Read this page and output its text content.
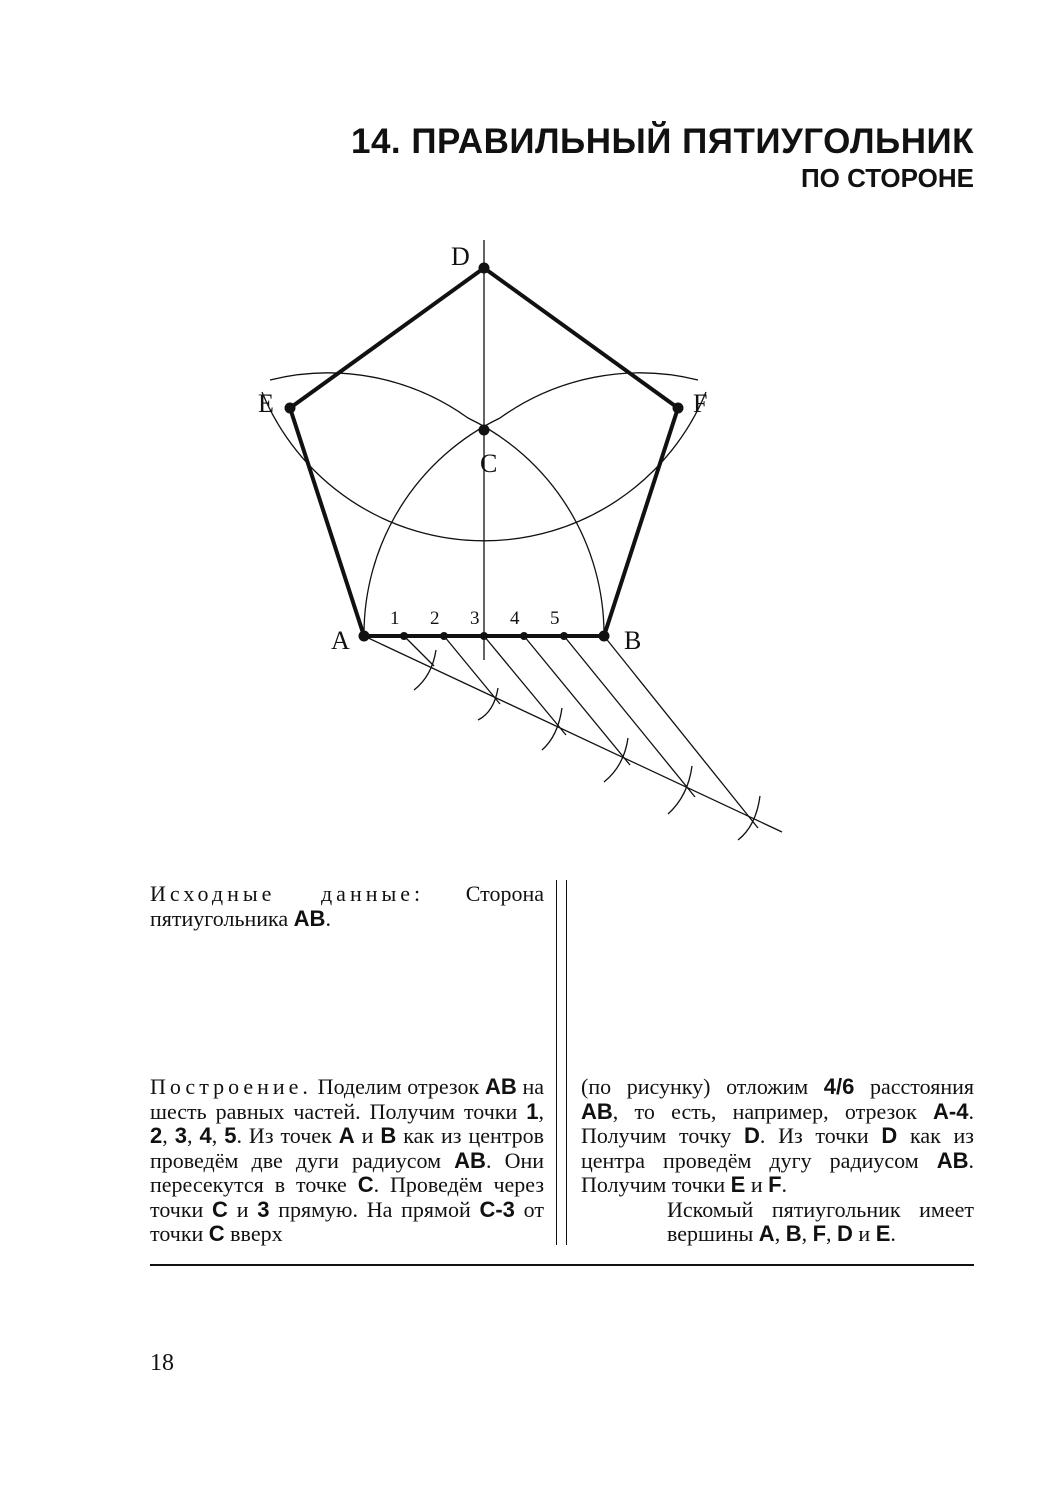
14. ПРАВИЛЬНЫЙ ПЯТИУГОЛЬНИК
ПО СТОРОНЕ
A	B
C
D
E	F
1 2 3 4 5
Исходные данные: Сторона пятиугольника AB.
Построение. Поделим отрезок AB на шесть равных частей. Получим точки 1, 2, 3, 4, 5. Из точек A и B как из центров проведём две дуги радиусом AB. Они пересекутся в точке C. Проведём через точки C и 3 прямую. На прямой C-3 от точки C вверх
(по рисунку) отложим 4/6 расстояния AB, то есть, например, отрезок A-4. Получим точку D. Из точки D как из центра проведём дугу радиусом AB. Получим точки E и F.
Искомый пятиугольник имеет вершины A, B, F, D и E.
18
